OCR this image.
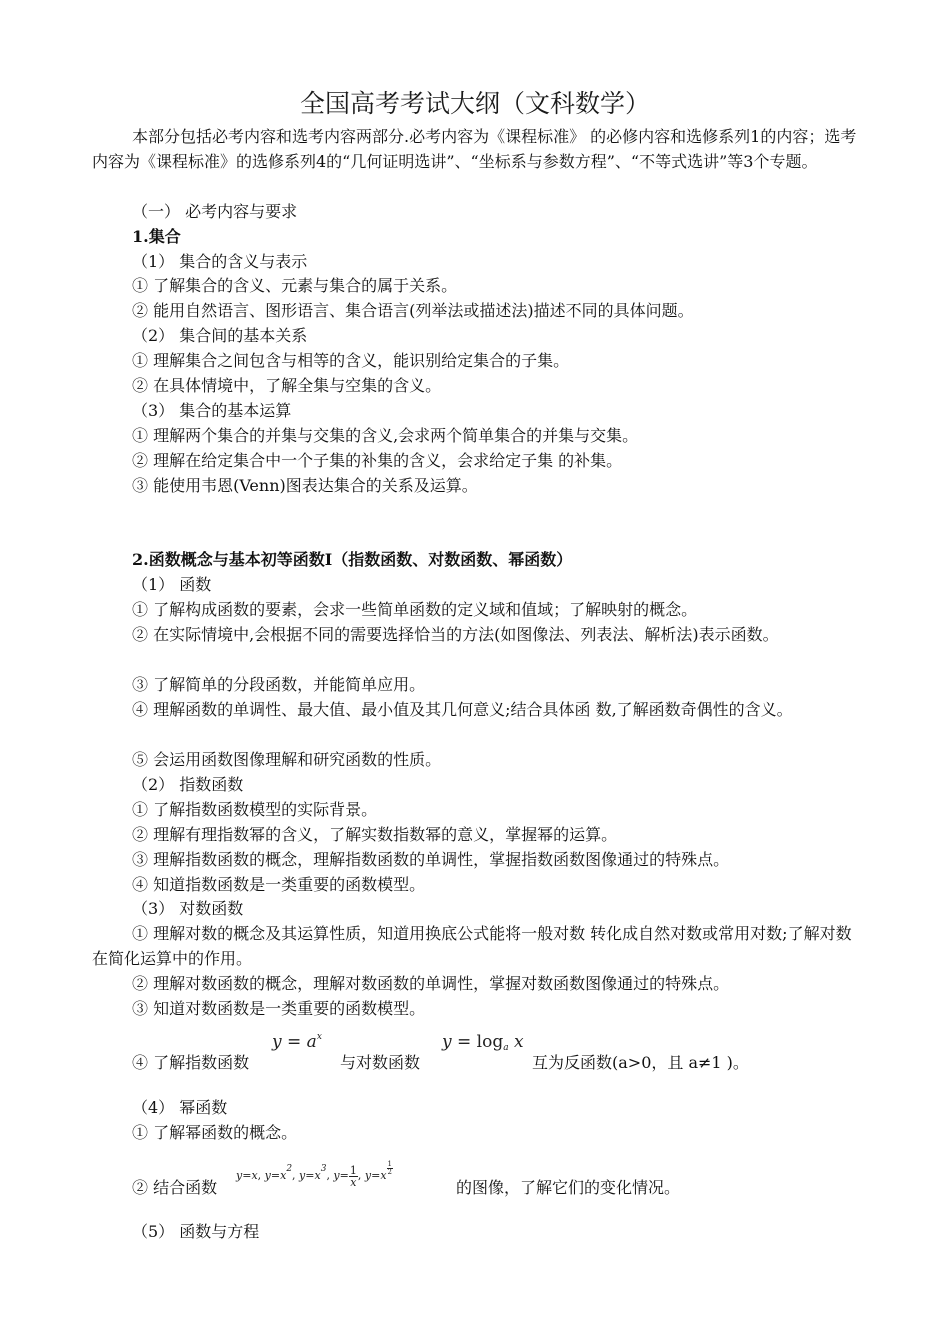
全国高考考试大纲（文科数学）
本部分包括必考内容和选考内容两部分.必考内容为《课程标准》 的必修内容和选修系列1的内容；选考内容为《课程标准》的选修系列4的“几何证明选讲”、“坐标系与参数方程”、“不等式选讲”等3个专题。
（一） 必考内容与要求
1.集合
（1） 集合的含义与表示
① 了解集合的含义、元素与集合的属于关系。
② 能用自然语言、图形语言、集合语言(列举法或描述法)描述不同的具体问题。
（2） 集合间的基本关系
① 理解集合之间包含与相等的含义，能识别给定集合的子集。
② 在具体情境中，了解全集与空集的含义。
（3） 集合的基本运算
① 理解两个集合的并集与交集的含义,会求两个简单集合的并集与交集。
② 理解在给定集合中一个子集的补集的含义，会求给定子集 的补集。
③ 能使用韦恩(Venn)图表达集合的关系及运算。
2.函数概念与基本初等函数Ⅰ（指数函数、对数函数、幂函数）
（1） 函数
① 了解构成函数的要素，会求一些简单函数的定义域和值域；了解映射的概念。
② 在实际情境中,会根据不同的需要选择恰当的方法(如图像法、列表法、解析法)表示函数。
③ 了解简单的分段函数，并能简单应用。
④ 理解函数的单调性、最大值、最小值及其几何意义;结合具体函 数,了解函数奇偶性的含义。
⑤ 会运用函数图像理解和研究函数的性质。
（2） 指数函数
① 了解指数函数模型的实际背景。
② 理解有理指数幂的含义，了解实数指数幂的意义，掌握幂的运算。
③ 理解指数函数的概念，理解指数函数的单调性，掌握指数函数图像通过的特殊点。
④ 知道指数函数是一类重要的函数模型。
（3） 对数函数
① 理解对数的概念及其运算性质，知道用换底公式能将一般对数 转化成自然对数或常用对数;了解对数在简化运算中的作用。
② 理解对数函数的概念，理解对数函数的单调性，掌握对数函数图像通过的特殊点。
③ 知道对数函数是一类重要的函数模型。
④ 了解指数函数
$y = a^x$
与对数函数
$y = \log_a x$
互为反函数(a>0，且 a≠1 )。
（4） 幂函数
① 了解幂函数的概念。
② 结合函数
y=x, $y=x^2$, $y=x^3$, $y= \frac{1}{x}$ , y=x $^{\frac{1}{2}}$
的图像，了解它们的变化情况。
（5） 函数与方程
